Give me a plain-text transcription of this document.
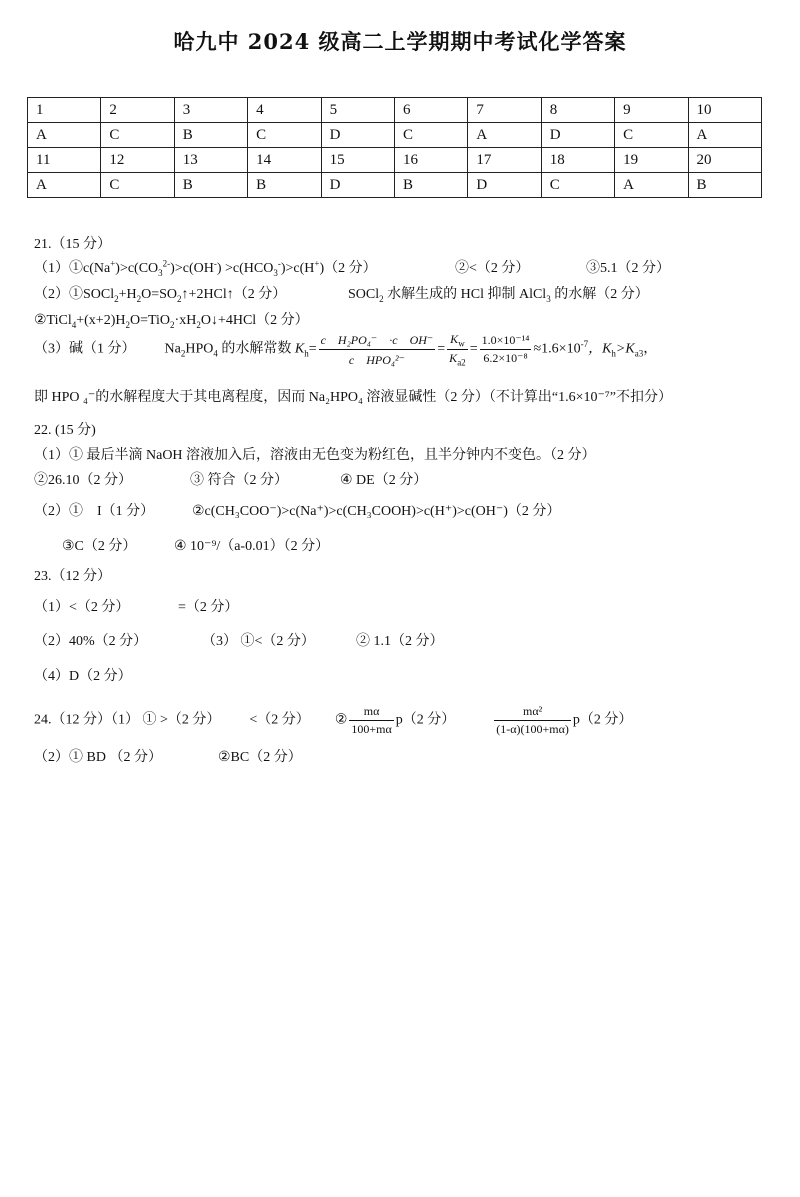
哈九中 2024 级高二上学期期中考试化学答案
1	2	3	4	5	6	7	8	9	10
A	C	B	C	D	C	A	D	C	A
11	12	13	14	15	16	17	18	19	20
A	C	B	B	D	B	D	C	A	B
21.（15 分）
$(1)①c(Na^+)>c(CO_3^{2-})>c(OH^-) >c(HCO_3^-)>c(H^+)(2$ 分）	②<（2 分）	③5.1（2 分）
$(2)①SOCl_2+H_2O=SO_2↑+2HCl↑(2$ 分）	SOCl$_2$ 水解生成的 HCl 抑制 AlCl$_3$ 的水解（2 分）
$②TiCl_4+(x+2)H_2O=TiO_2\cdot xH_2O↓+4HCl(2$ 分）
（3）碱（1 分） $Na_2HPO_4$ 的水解常数 $K_h= \frac{\text{c　H₂PO₄⁻　·c　OH⁻}}{\text{c　HPO₄²⁻}} = \frac{K_w}{K_{a2}} = \frac{\text{1.0×10⁻¹⁴}}{\text{6.2×10⁻⁸}} \approx 1.6\times 10^{-7}$，$K_h>K_{a3}$，
即 HPO ₄⁻的水解程度大于其电离程度，因而 Na₂HPO₄ 溶液显碱性（2 分）（不计算出“1.6×10⁻⁷”不扣分）
22. (15 分)
（1）① 最后半滴 NaOH 溶液加入后，溶液由无色变为粉红色，且半分钟内不变色。（2 分）
②26.10（2 分）	③ 符合（2 分）	④ DE（2 分）
（2）①　I（1 分）	②c(CH₃COO⁻)>c(Na⁺)>c(CH₃COOH)>c(H⁺)>c(OH⁻)（2 分）
③C（2 分）	④ 10⁻⁹/（a-0.01）（2 分）
23.（12 分）
（1）<（2 分）	=（2 分）
（2）40%（2 分）	（3） ①<（2 分）	② 1.1（2 分）
（4）D（2 分）
24.（12 分）（1） ① >（2 分） <（2 分） ② $\frac{m\alpha}{100+m\alpha} p(2$ 分）	$\frac{\text{mα²}}{(1-\alpha)(100+m\alpha)} p(2$ 分）
（2）① BD （2 分）	②BC（2 分）
